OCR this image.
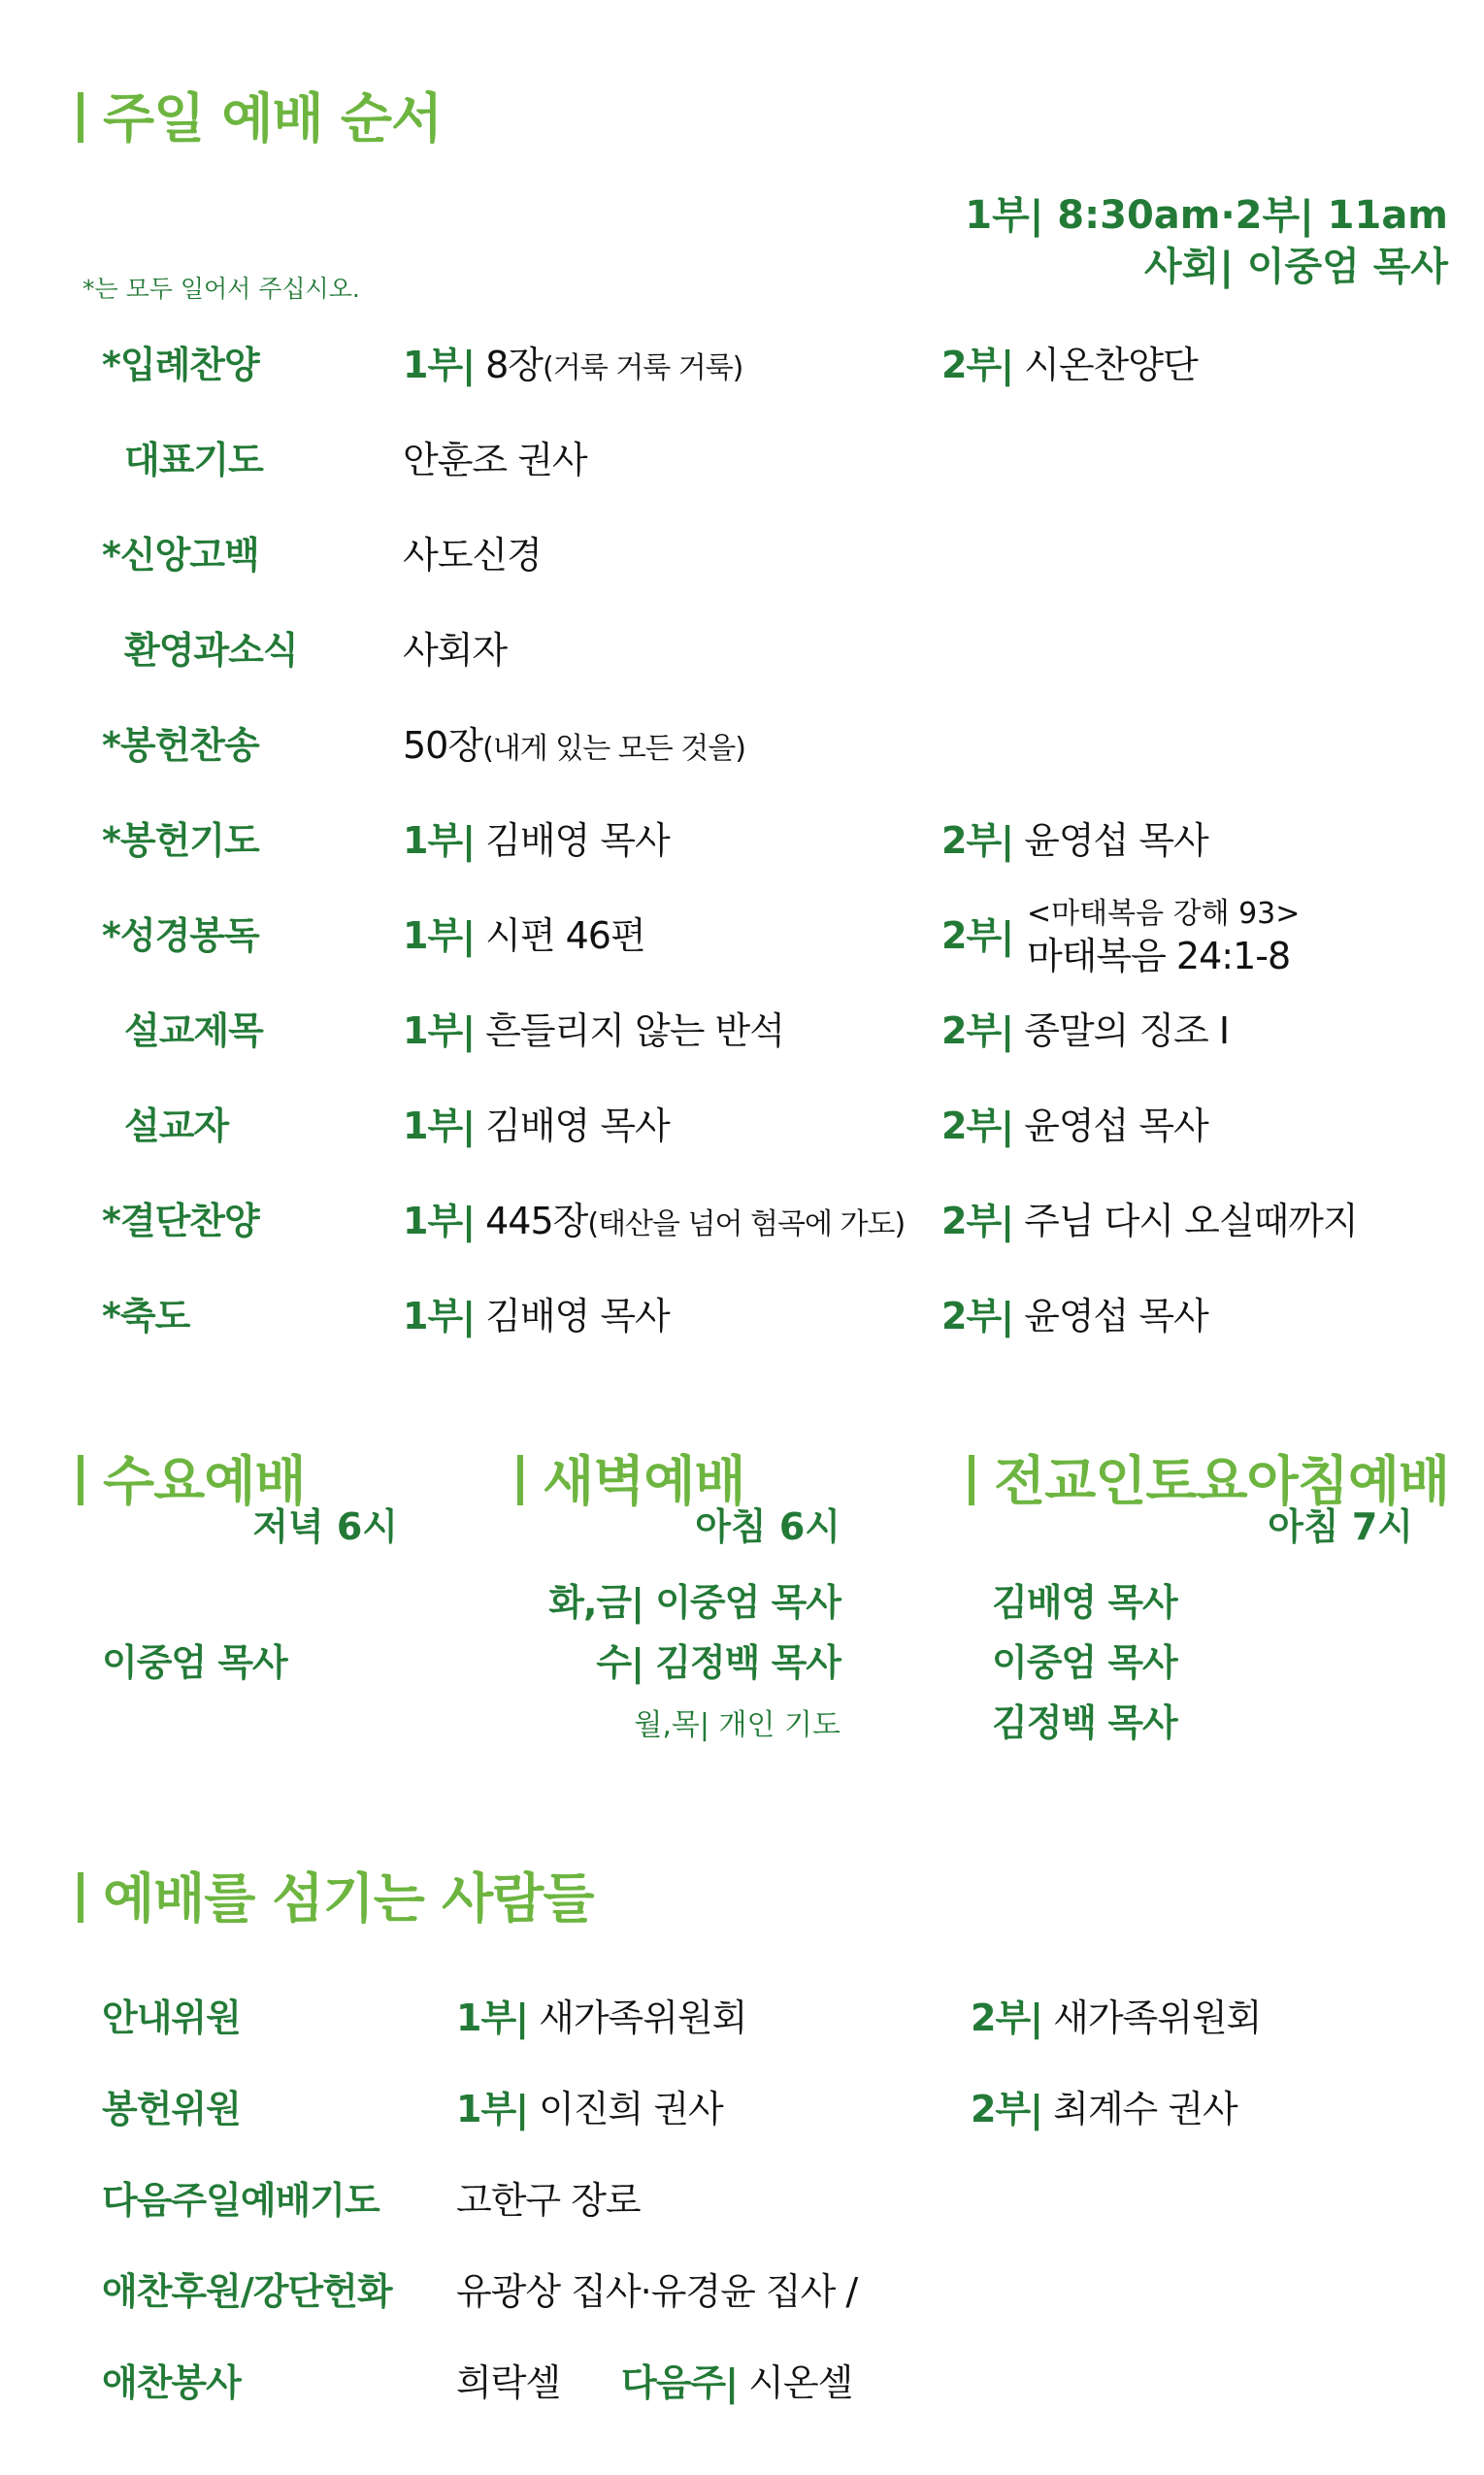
주일 예배 순서
1부| 8:30am·2부| 11am
사회| 이중엄 목사
*는 모두 일어서 주십시오.
*입례찬양	1부| 8장(거룩 거룩 거룩)	2부| 시온찬양단
대표기도	안훈조 권사
*신앙고백	사도신경
환영과소식	사회자
*봉헌찬송	50장(내게 있는 모든 것을)
*봉헌기도	1부| 김배영 목사	2부| 윤영섭 목사
*성경봉독	1부| 시편 46편	2부|
<마태복음 강해 93>
마태복음 24:1-8
설교제목	1부| 흔들리지 않는 반석	2부| 종말의 징조 I
설교자	1부| 김배영 목사	2부| 윤영섭 목사
*결단찬양	1부| 445장(태산을 넘어 험곡에 가도) 2부| 주님 다시 오실때까지
*축도	1부| 김배영 목사	2부| 윤영섭 목사
수요예배
저녁 6시
이중엄 목사
새벽예배
아침 6시
화,금| 이중엄 목사
수| 김정백 목사
월,목| 개인 기도
전교인토요아침예배
아침 7시
김배영 목사
이중엄 목사
김정백 목사
예배를 섬기는 사람들
안내위원	1부| 새가족위원회	2부| 새가족위원회
봉헌위원	1부| 이진희 권사	2부| 최계수 권사
다음주일예배기도 고한구 장로
애찬후원/강단헌화 유광상 집사·유경윤 집사 /
애찬봉사	희락셀 다음주| 시온셀
